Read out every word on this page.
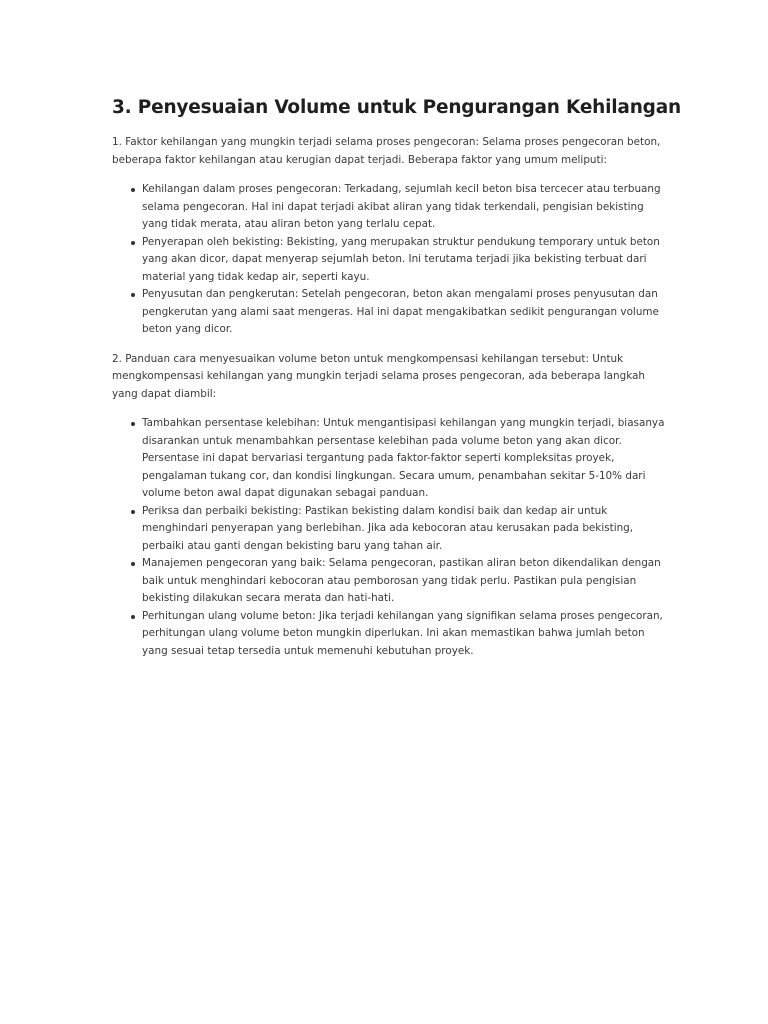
3. Penyesuaian Volume untuk Pengurangan Kehilangan

1. Faktor kehilangan yang mungkin terjadi selama proses pengecoran: Selama proses pengecoran beton, beberapa faktor kehilangan atau kerugian dapat terjadi. Beberapa faktor yang umum meliputi:

Kehilangan dalam proses pengecoran: Terkadang, sejumlah kecil beton bisa tercecer atau terbuang selama pengecoran. Hal ini dapat terjadi akibat aliran yang tidak terkendali, pengisian bekisting yang tidak merata, atau aliran beton yang terlalu cepat.
Penyerapan oleh bekisting: Bekisting, yang merupakan struktur pendukung temporary untuk beton yang akan dicor, dapat menyerap sejumlah beton. Ini terutama terjadi jika bekisting terbuat dari material yang tidak kedap air, seperti kayu.
Penyusutan dan pengkerutan: Setelah pengecoran, beton akan mengalami proses penyusutan dan pengkerutan yang alami saat mengeras. Hal ini dapat mengakibatkan sedikit pengurangan volume beton yang dicor.

2. Panduan cara menyesuaikan volume beton untuk mengkompensasi kehilangan tersebut: Untuk mengkompensasi kehilangan yang mungkin terjadi selama proses pengecoran, ada beberapa langkah yang dapat diambil:

Tambahkan persentase kelebihan: Untuk mengantisipasi kehilangan yang mungkin terjadi, biasanya disarankan untuk menambahkan persentase kelebihan pada volume beton yang akan dicor. Persentase ini dapat bervariasi tergantung pada faktor-faktor seperti kompleksitas proyek, pengalaman tukang cor, dan kondisi lingkungan. Secara umum, penambahan sekitar 5-10% dari volume beton awal dapat digunakan sebagai panduan.
Periksa dan perbaiki bekisting: Pastikan bekisting dalam kondisi baik dan kedap air untuk menghindari penyerapan yang berlebihan. Jika ada kebocoran atau kerusakan pada bekisting, perbaiki atau ganti dengan bekisting baru yang tahan air.
Manajemen pengecoran yang baik: Selama pengecoran, pastikan aliran beton dikendalikan dengan baik untuk menghindari kebocoran atau pemborosan yang tidak perlu. Pastikan pula pengisian bekisting dilakukan secara merata dan hati-hati.
Perhitungan ulang volume beton: Jika terjadi kehilangan yang signifikan selama proses pengecoran, perhitungan ulang volume beton mungkin diperlukan. Ini akan memastikan bahwa jumlah beton yang sesuai tetap tersedia untuk memenuhi kebutuhan proyek.
